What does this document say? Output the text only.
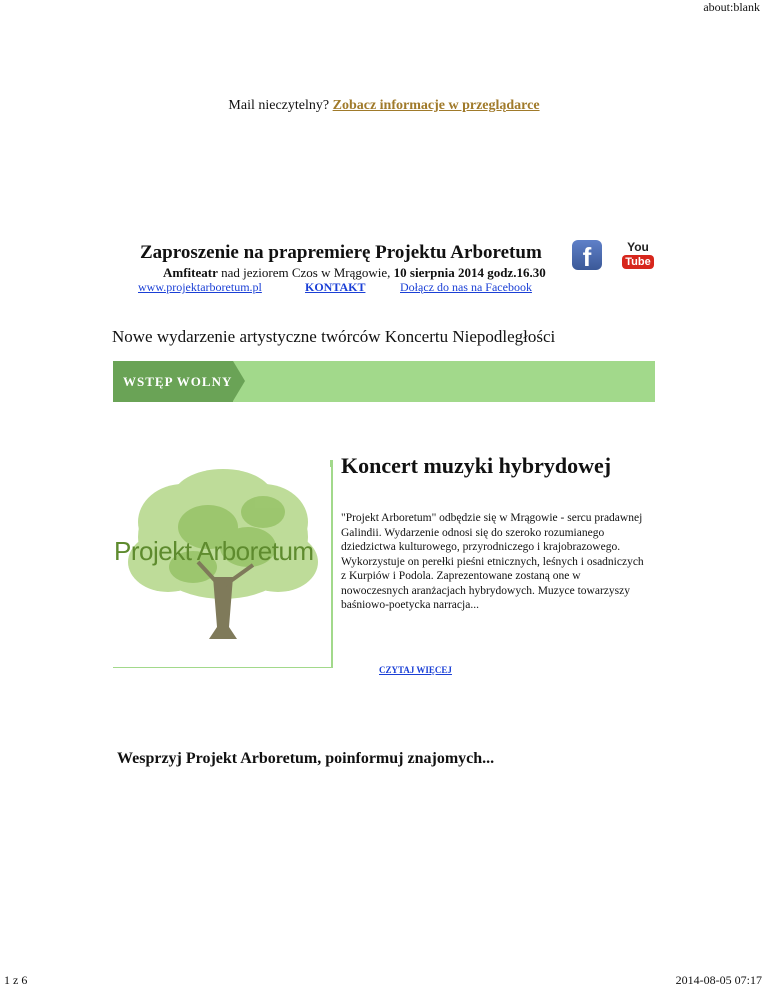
about:blank
Mail nieczytelny? Zobacz informacje w przeglądarce
Zaproszenie na prapremierę Projektu Arboretum
Amfiteatr nad jeziorem Czos w Mrągowie, 10 sierpnia 2014 godz.16.30
www.projektarboretum.pl	KONTAKT	Dołącz do nas na Facebook
f	You
Tube
Nowe wydarzenie artystyczne twórców Koncertu Niepodległości
WSTĘP WOLNY
Projekt Arboretum
Koncert muzyki hybrydowej
"Projekt Arboretum" odbędzie się w Mrągowie - sercu pradawnej Galindii. Wydarzenie odnosi się do szeroko rozumianego dziedzictwa kulturowego, przyrodniczego i krajobrazowego. Wykorzystuje on perełki pieśni etnicznych, leśnych i osadniczych z Kurpiów i Podola. Zaprezentowane zostaną one w nowoczesnych aranżacjach hybrydowych. Muzyce towarzyszy baśniowo-poetycka narracja...
CZYTAJ WIĘCEJ
Wesprzyj Projekt Arboretum, poinformuj znajomych...
1 z 6	2014-08-05 07:17
